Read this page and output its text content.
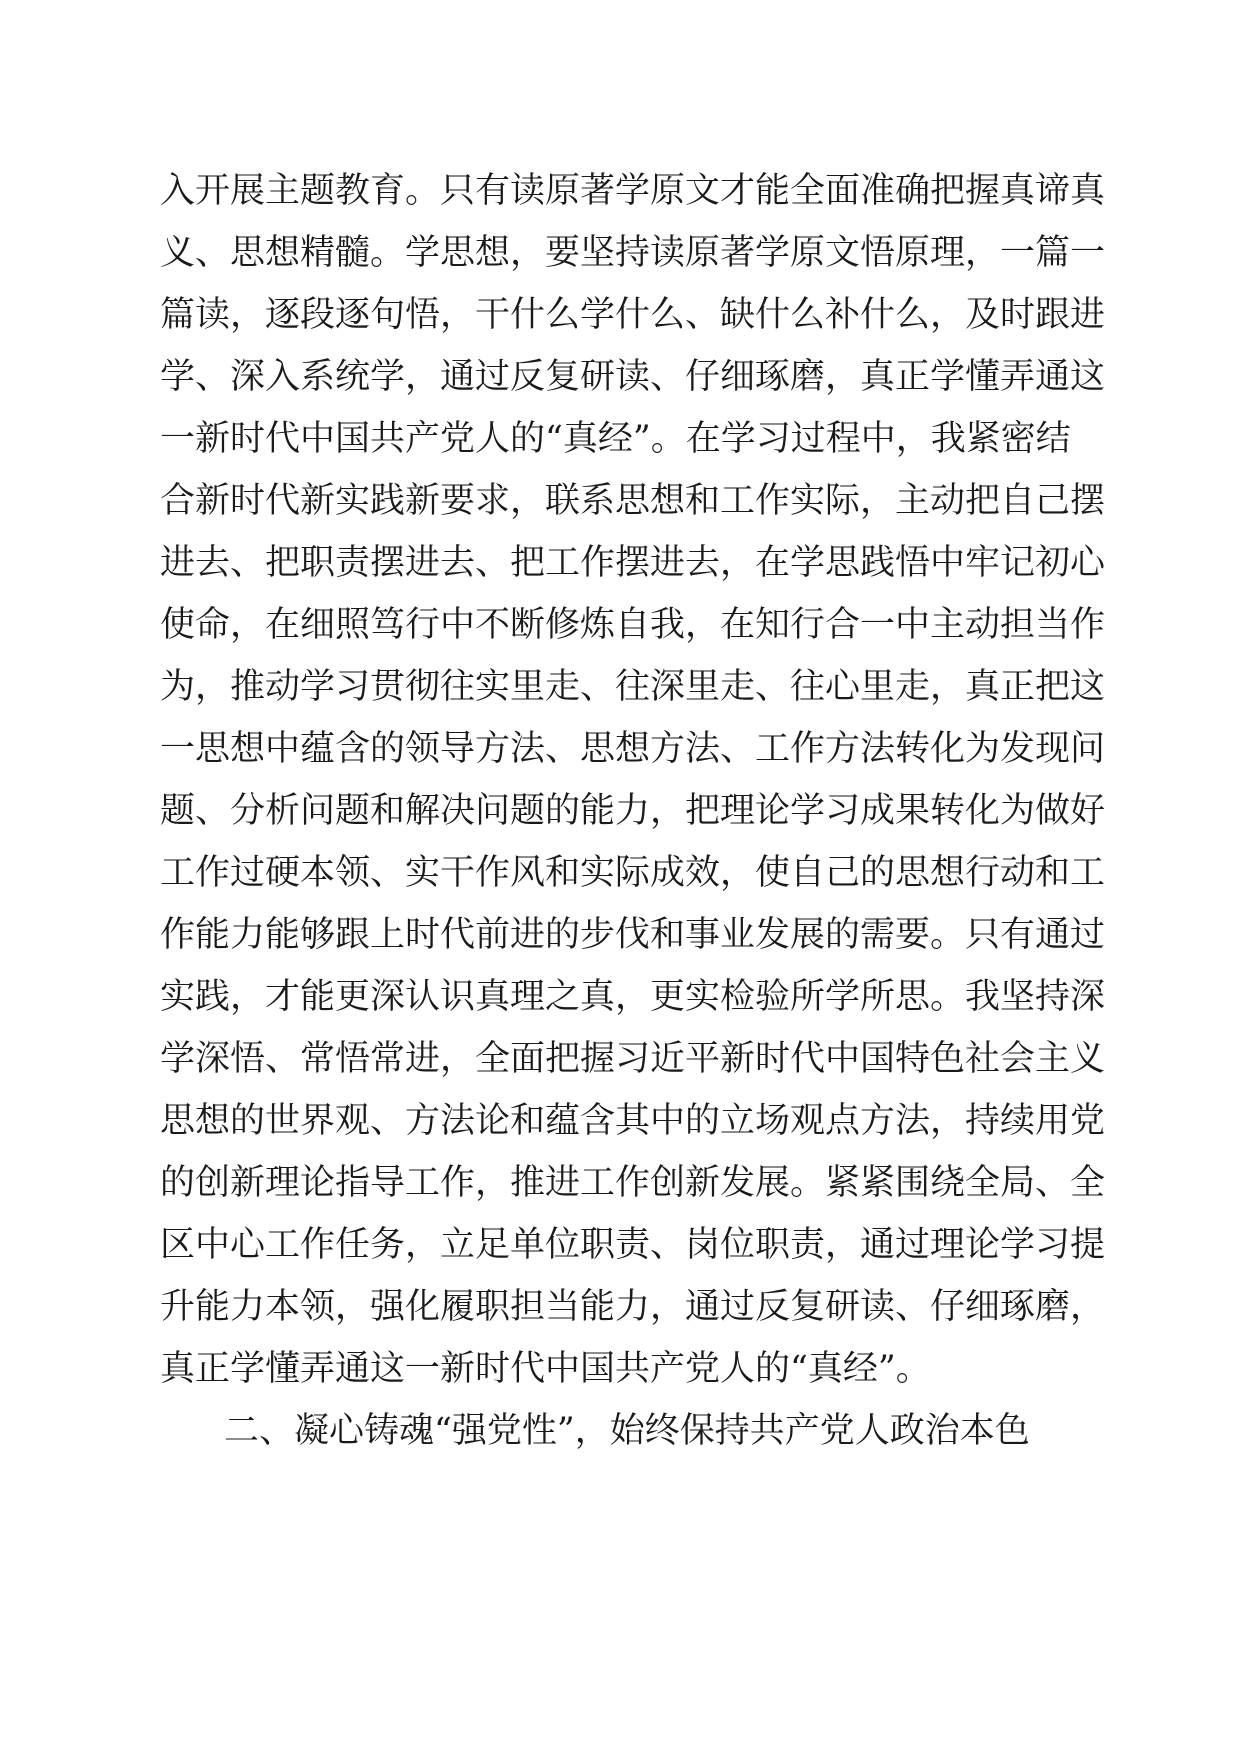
入开展主题教育。只有读原著学原文才能全面准确把握真谛真
义、思想精髓。学思想，要坚持读原著学原文悟原理，一篇一
篇读，逐段逐句悟，干什么学什么、缺什么补什么，及时跟进
学、深入系统学，通过反复研读、仔细琢磨，真正学懂弄通这
一新时代中国共产党人的“真经”。在学习过程中，我紧密结
合新时代新实践新要求，联系思想和工作实际，主动把自己摆
进去、把职责摆进去、把工作摆进去，在学思践悟中牢记初心
使命，在细照笃行中不断修炼自我，在知行合一中主动担当作
为，推动学习贯彻往实里走、往深里走、往心里走，真正把这
一思想中蕴含的领导方法、思想方法、工作方法转化为发现问
题、分析问题和解决问题的能力，把理论学习成果转化为做好
工作过硬本领、实干作风和实际成效，使自己的思想行动和工
作能力能够跟上时代前进的步伐和事业发展的需要。只有通过
实践，才能更深认识真理之真，更实检验所学所思。我坚持深
学深悟、常悟常进，全面把握习近平新时代中国特色社会主义
思想的世界观、方法论和蕴含其中的立场观点方法，持续用党
的创新理论指导工作，推进工作创新发展。紧紧围绕全局、全
区中心工作任务，立足单位职责、岗位职责，通过理论学习提
升能力本领，强化履职担当能力，通过反复研读、仔细琢磨，
真正学懂弄通这一新时代中国共产党人的“真经”。
二、凝心铸魂“强党性”，始终保持共产党人政治本色
